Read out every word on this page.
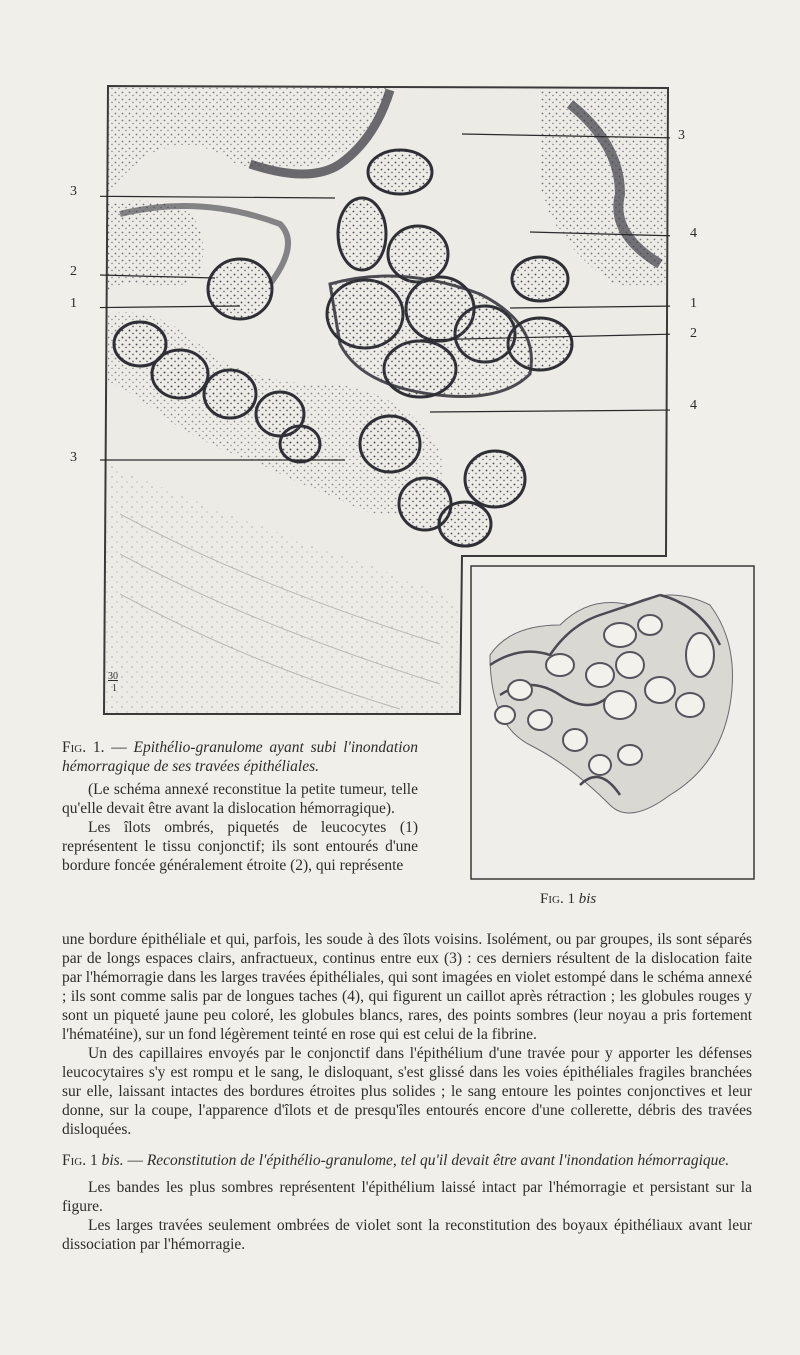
3
4
1
2
4
3
2
1
3
30
1

Fig. 1. — Epithélio-granulome ayant subi l'inondation hémorragique de ses travées épithéliales.

(Le schéma annexé reconstitue la petite tumeur, telle qu'elle devait être avant la dislocation hémorragique).

Les îlots ombrés, piquetés de leucocytes (1) représentent le tissu conjonctif; ils sont entourés d'une bordure foncée généralement étroite (2), qui représente

Fig. 1 bis

une bordure épithéliale et qui, parfois, les soude à des îlots voisins. Isolément, ou par groupes, ils sont séparés par de longs espaces clairs, anfractueux, continus entre eux (3) : ces derniers résultent de la dislocation faite par l'hémorragie dans les larges travées épithéliales, qui sont imagées en violet estompé dans le schéma annexé ; ils sont comme salis par de longues taches (4), qui figurent un caillot après rétraction ; les globules rouges y sont un piqueté jaune peu coloré, les globules blancs, rares, des points sombres (leur noyau a pris fortement l'hématéine), sur un fond légèrement teinté en rose qui est celui de la fibrine.

Un des capillaires envoyés par le conjonctif dans l'épithélium d'une travée pour y apporter les défenses leucocytaires s'y est rompu et le sang, le disloquant, s'est glissé dans les voies épithéliales fragiles branchées sur elle, laissant intactes des bordures étroites plus solides ; le sang entoure les pointes conjonctives et leur donne, sur la coupe, l'apparence d'îlots et de presqu'îles entourés encore d'une collerette, débris des travées disloquées.

Fig. 1 bis. — Reconstitution de l'épithélio-granulome, tel qu'il devait être avant l'inondation hémorragique.

Les bandes les plus sombres représentent l'épithélium laissé intact par l'hémorragie et persistant sur la figure.

Les larges travées seulement ombrées de violet sont la reconstitution des boyaux épithéliaux avant leur dissociation par l'hémorragie.
